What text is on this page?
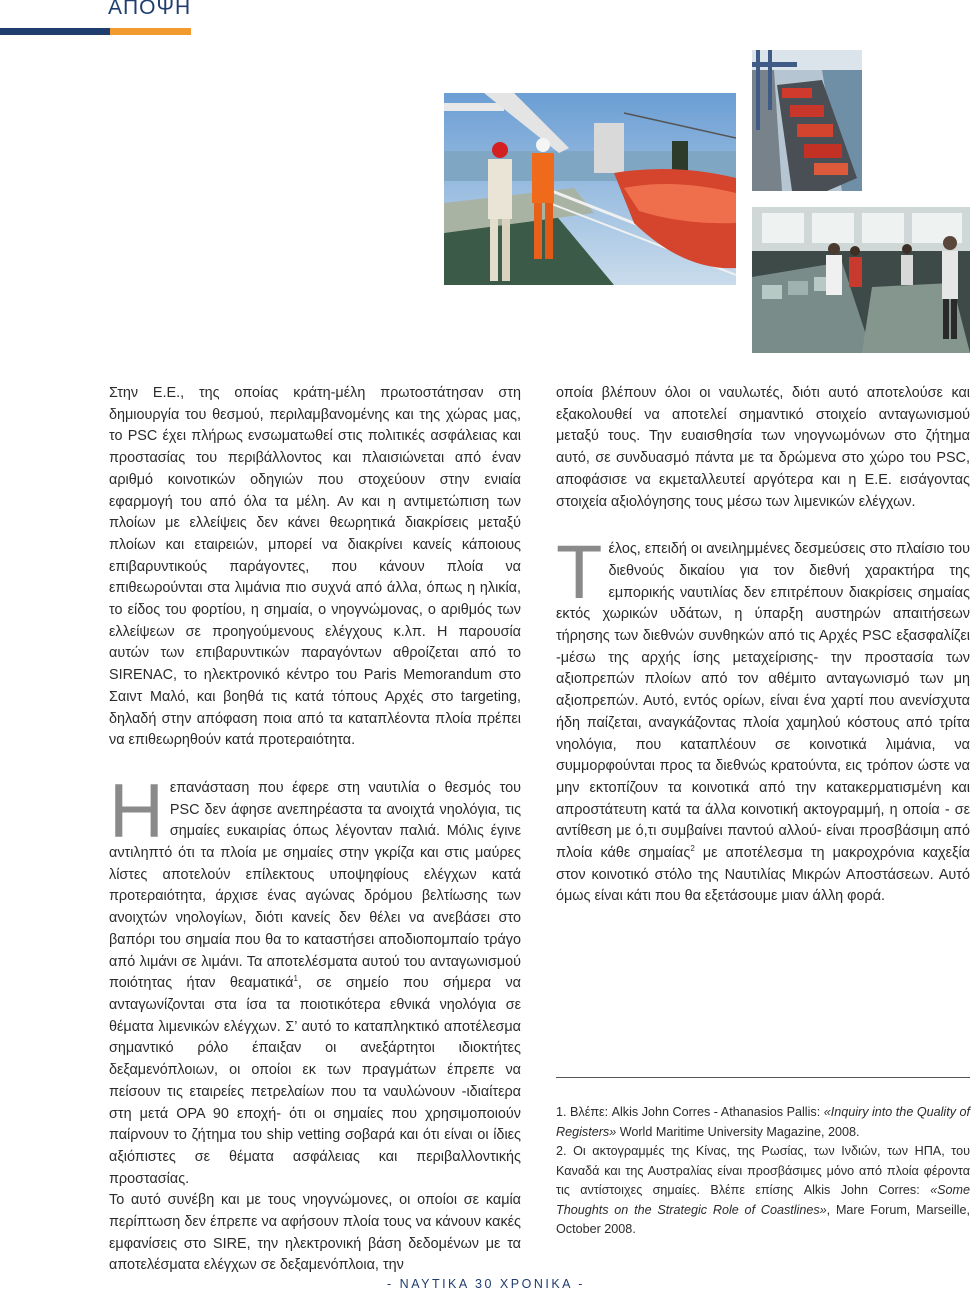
ΑΠΟΨΗ

Στην Ε.Ε., της οποίας κράτη-μέλη πρωτοστάτησαν στη δημιουργία του θεσμού, περιλαμβανομένης και της χώρας μας, το PSC έχει πλήρως ενσωματωθεί στις πολιτικές ασφάλειας και προστασίας του περιβάλλοντος και πλαισιώνεται από έναν αριθμό κοινοτικών οδηγιών που στοχεύουν στην ενιαία εφαρμογή του από όλα τα μέλη. Αν και η αντιμετώπιση των πλοίων με ελλείψεις δεν κάνει θεωρητικά διακρίσεις μεταξύ πλοίων και εταιρειών, μπορεί να διακρίνει κανείς κάποιους επιβαρυντικούς παράγοντες, που κάνουν πλοία να επιθεωρούνται στα λιμάνια πιο συχνά από άλλα, όπως η ηλικία, το είδος του φορτίου, η σημαία, ο νηογνώμονας, ο αριθμός των ελλείψεων σε προηγούμενους ελέγχους κ.λπ. Η παρουσία αυτών των επιβαρυντικών παραγόντων αθροίζεται από το SIRENAC, το ηλεκτρονικό κέντρο του Paris Memorandum στο Σαιντ Μαλό, και βοηθά τις κατά τόπους Αρχές στο targeting, δηλαδή στην απόφαση ποια από τα καταπλέοντα πλοία πρέπει να επιθεωρηθούν κατά προτεραιότητα.

Ηεπανάσταση που έφερε στη ναυτιλία ο θεσμός του PSC δεν άφησε ανεπηρέαστα τα ανοιχτά νηολόγια, τις σημαίες ευκαιρίας όπως λέγονταν παλιά. Μόλις έγινε αντιληπτό ότι τα πλοία με σημαίες στην γκρίζα και στις μαύρες λίστες αποτελούν επίλεκτους υποψηφίους ελέγχων κατά προτεραιότητα, άρχισε ένας αγώνας δρόμου βελτίωσης των ανοιχτών νηολογίων, διότι κανείς δεν θέλει να ανεβάσει στο βαπόρι του σημαία που θα το καταστήσει αποδιοπομπαίο τράγο από λιμάνι σε λιμάνι. Τα αποτελέσματα αυτού του ανταγωνισμού ποιότητας ήταν θεαματικά$^1$, σε σημείο που σήμερα να ανταγωνίζονται στα ίσα τα ποιοτικότερα εθνικά νηολόγια σε θέματα λιμενικών ελέγχων. Σ’ αυτό το καταπληκτικό αποτέλεσμα σημαντικό ρόλο έπαιξαν οι ανεξάρτητοι ιδιοκτήτες δεξαμενόπλοιων, οι οποίοι εκ των πραγμάτων έπρεπε να πείσουν τις εταιρείες πετρελαίων που τα ναυλώνουν -ιδιαίτερα στη μετά OPA 90 εποχή- ότι οι σημαίες που χρησιμοποιούν παίρνουν το ζήτημα του ship vetting σοβαρά και ότι είναι οι ίδιες αξιόπιστες σε θέματα ασφάλειας και περιβαλλοντικής προστασίας.

Το αυτό συνέβη και με τους νηογνώμονες, οι οποίοι σε καμία περίπτωση δεν έπρεπε να αφήσουν πλοία τους να κάνουν κακές εμφανίσεις στο SIRE, την ηλεκτρονική βάση δεδομένων με τα αποτελέσματα ελέγχων σε δεξαμενόπλοια, την

οποία βλέπουν όλοι οι ναυλωτές, διότι αυτό αποτελούσε και εξακολουθεί να αποτελεί σημαντικό στοιχείο ανταγωνισμού μεταξύ τους. Την ευαισθησία των νηογνωμόνων στο ζήτημα αυτό, σε συνδυασμό πάντα με τα δρώμενα στο χώρο του PSC, αποφάσισε να εκμεταλλευτεί αργότερα και η Ε.Ε. εισάγοντας στοιχεία αξιολόγησης τους μέσω των λιμενικών ελέγχων.

Τέλος, επειδή οι ανειλημμένες δεσμεύσεις στο πλαίσιο του διεθνούς δικαίου για τον διεθνή χαρακτήρα της εμπορικής ναυτιλίας δεν επιτρέπουν διακρίσεις σημαίας εκτός χωρικών υδάτων, η ύπαρξη αυστηρών απαιτήσεων τήρησης των διεθνών συνθηκών από τις Αρχές PSC εξασφαλίζει -μέσω της αρχής ίσης μεταχείρισης- την προστασία των αξιοπρεπών πλοίων από τον αθέμιτο ανταγωνισμό των μη αξιοπρεπών. Αυτό, εντός ορίων, είναι ένα χαρτί που ανενίσχυτα ήδη παίζεται, αναγκάζοντας πλοία χαμηλού κόστους από τρίτα νηολόγια, που καταπλέουν σε κοινοτικά λιμάνια, να συμμορφούνται προς τα διεθνώς κρατούντα, εις τρόπον ώστε να μην εκτοπίζουν τα κοινοτικά από την κατακερματισμένη και απροστάτευτη κατά τα άλλα κοινοτική ακτογραμμή, η οποία - σε αντίθεση με ό,τι συμβαίνει παντού αλλού- είναι προσβάσιμη από πλοία κάθε σημαίας$^2$ με αποτέλεσμα τη μακροχρόνια καχεξία στον κοινοτικό στόλο της Ναυτιλίας Μικρών Αποστάσεων. Αυτό όμως είναι κάτι που θα εξετάσουμε μιαν άλλη φορά.

1. Βλέπε: Alkis John Corres - Athanasios Pallis: «Inquiry into the Quality of Registers» World Maritime University Magazine, 2008.

2. Οι ακτογραμμές της Κίνας, της Ρωσίας, των Ινδιών, των ΗΠΑ, του Καναδά και της Αυστραλίας είναι προσβάσιμες μόνο από πλοία φέροντα τις αντίστοιχες σημαίες. Βλέπε επίσης Alkis John Corres: «Some Thoughts on the Strategic Role of Coastlines», Mare Forum, Marseille, October 2008.

- ΝΑΥΤΙΚΑ 30 ΧΡΟΝΙΚΑ -
